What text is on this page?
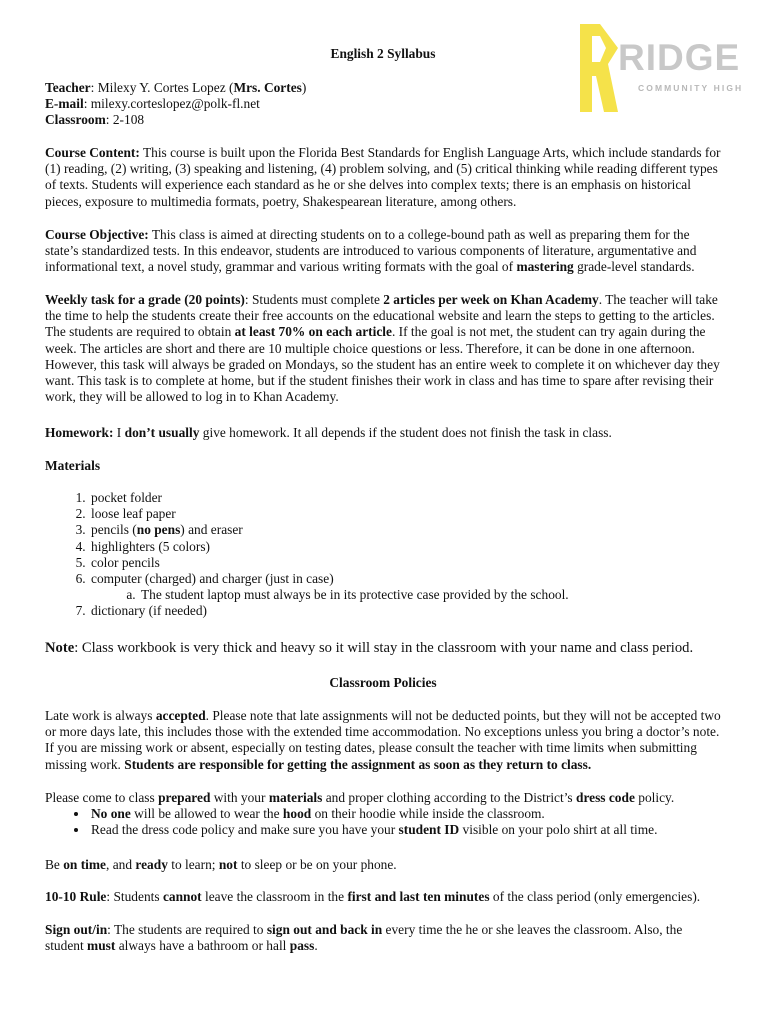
RIDGE
COMMUNITY HIGH
English 2 Syllabus

Teacher: Milexy Y. Cortes Lopez (Mrs. Cortes)

E-mail: milexy.corteslopez@polk-fl.net

Classroom: 2-108

Course Content: This course is built upon the Florida Best Standards for English Language Arts, which include standards for (1) reading, (2) writing, (3) speaking and listening, (4) problem solving, and (5) critical thinking while reading different types of texts. Students will experience each standard as he or she delves into complex texts; there is an emphasis on historical pieces, exposure to multimedia formats, poetry, Shakespearean literature, among others.

Course Objective: This class is aimed at directing students on to a college-bound path as well as preparing them for the state’s standardized tests. In this endeavor, students are introduced to various components of literature, argumentative and informational text, a novel study, grammar and various writing formats with the goal of mastering grade-level standards.

Weekly task for a grade (20 points): Students must complete 2 articles per week on Khan Academy. The teacher will take the time to help the students create their free accounts on the educational website and learn the steps to getting to the articles. The students are required to obtain at least 70% on each article. If the goal is not met, the student can try again during the week. The articles are short and there are 10 multiple choice questions or less. Therefore, it can be done in one afternoon. However, this task will always be graded on Mondays, so the student has an entire week to complete it on whichever day they want. This task is to complete at home, but if the student finishes their work in class and has time to spare after revising their work, they will be allowed to log in to Khan Academy.

Homework: I don’t usually give homework. It all depends if the student does not finish the task in class.

Materials

1. pocket folder
2. loose leaf paper
3. pencils (no pens) and eraser
4. highlighters (5 colors)
5. color pencils
6. computer (charged) and charger (just in case)
a. The student laptop must always be in its protective case provided by the school.
7. dictionary (if needed)

Note: Class workbook is very thick and heavy so it will stay in the classroom with your name and class period.

Classroom Policies

Late work is always accepted. Please note that late assignments will not be deducted points, but they will not be accepted two or more days late, this includes those with the extended time accommodation. No exceptions unless you bring a doctor’s note. If you are missing work or absent, especially on testing dates, please consult the teacher with time limits when submitting missing work. Students are responsible for getting the assignment as soon as they return to class.

Please come to class prepared with your materials and proper clothing according to the District’s dress code policy.

• No one will be allowed to wear the hood on their hoodie while inside the classroom.
• Read the dress code policy and make sure you have your student ID visible on your polo shirt at all time.

Be on time, and ready to learn; not to sleep or be on your phone.

10-10 Rule: Students cannot leave the classroom in the first and last ten minutes of the class period (only emergencies).

Sign out/in: The students are required to sign out and back in every time the he or she leaves the classroom. Also, the student must always have a bathroom or hall pass.
